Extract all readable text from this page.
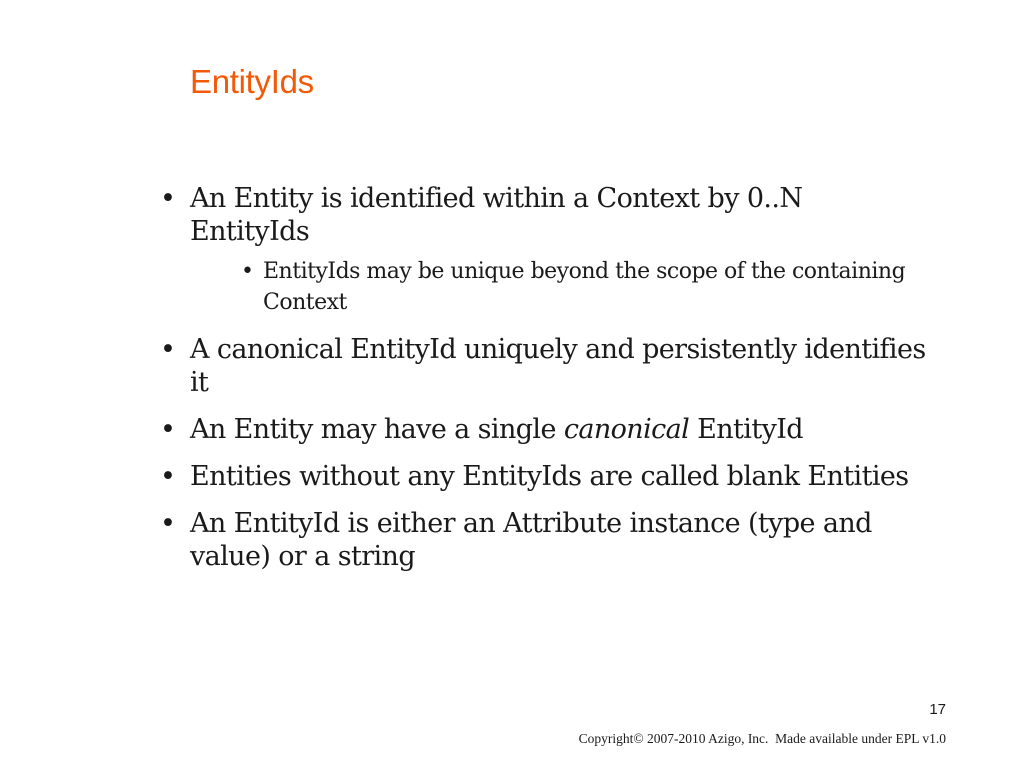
EntityIds
• An Entity is identified within a Context by 0..N EntityIds
• EntityIds may be unique beyond the scope of the containing Context
• A canonical EntityId uniquely and persistently identifies it
• An Entity may have a single canonical EntityId
• Entities without any EntityIds are called blank Entities
• An EntityId is either an Attribute instance (type and value) or a string
17
Copyright© 2007-2010 Azigo, Inc.  Made available under EPL v1.0
